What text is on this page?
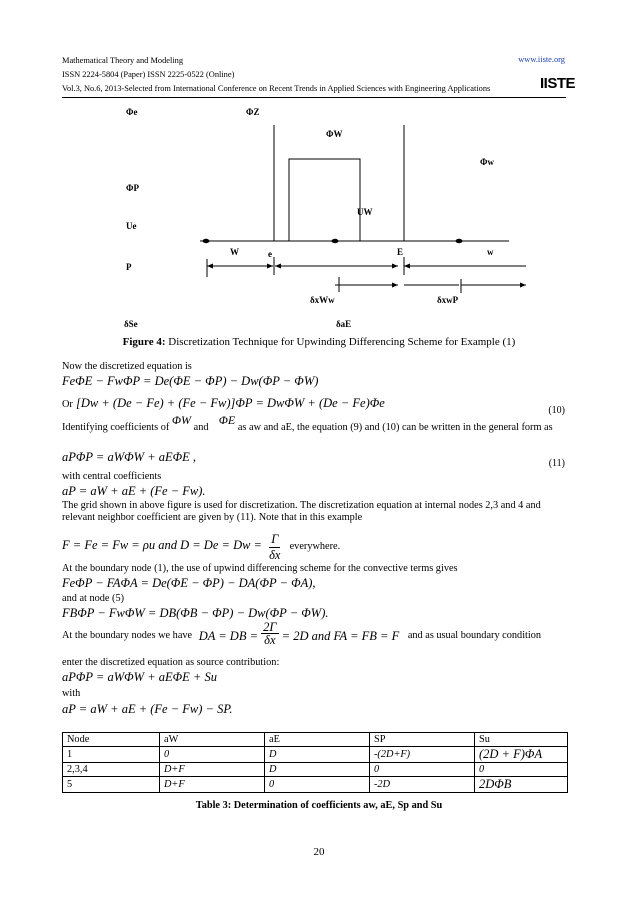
Mathematical Theory and Modeling	www.iiste.org
ISSN 2224-5804 (Paper) ISSN 2225-0522 (Online)
Vol.3, No.6, 2013-Selected from International Conference on Recent Trends in Applied Sciences with Engineering Applications	IISTE
Φe	ΦZ
ΦW
Φw
ΦP
Ue
UW
P
W	e	E	w
δxWw	δxwP
δSe	δaE
Figure 4: Discretization Technique for Upwinding Differencing Scheme for Example (1)
Now the discretized equation is
FeΦE − FwΦP = De(ΦE − ΦP) − Dw(ΦP − ΦW)
Or [Dw + (De − Fe) + (Fe − Fw)]ΦP = DwΦW + (De − Fe)Φe
(10)
Identifying coefficients of ΦW and    ΦE as aw and aE, the equation (9) and (10) can be written in the general form as
aPΦP = aWΦW + aEΦE ,	(11)
with central coefficients
aP = aW + aE + (Fe − Fw).
The grid shown in above figure is used for discretization. The discretization equation at internal nodes 2,3 and 4 and relevant neighbor coefficient are given by (11). Note that in this example
F = Fe = Fw = ρu and $D = De = Dw = \frac{\Gamma}{\delta x} _{everywhere.}$
At the boundary node (1), the use of upwind differencing scheme for the convective terms gives
FeΦP − FAΦA = De(ΦE − ΦP) − DA(ΦP − ΦA),
and at node (5)
FBΦP − FwΦW = DB(ΦB − ΦP) − Dw(ΦP − ΦW).
At the boundary nodes we have DA = DB = $\frac{2\Gamma}{\delta x} = 2D$ and FA = FB = F and as usual boundary condition
enter the discretized equation as source contribution:
aPΦP = aWΦW + aEΦE + Su
with
aP = aW + aE + (Fe − Fw) − SP.
Node	aW	aE	SP	Su
1	0	D	-(2D+F)	(2D + F)ΦA
2,3,4	D+F	D	0	0
5	D+F	0	-2D	2DΦB
Table 3: Determination of coefficients aw, aE, Sp and Su
20
